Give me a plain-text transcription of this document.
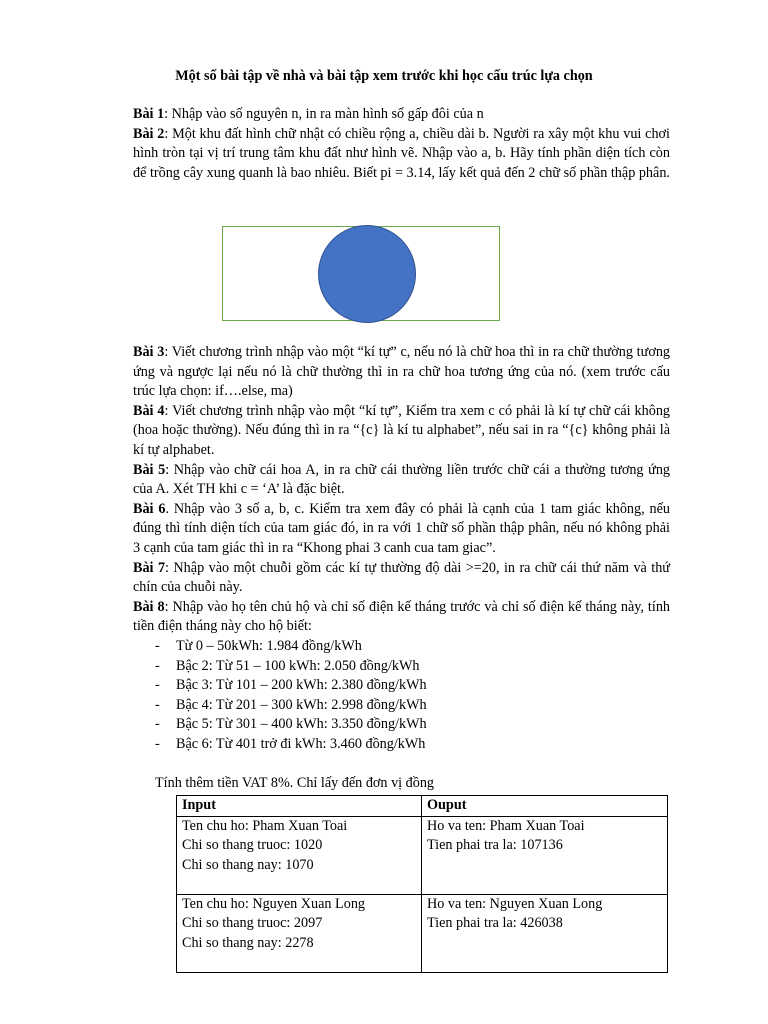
Một số bài tập về nhà và bài tập xem trước khi học cấu trúc lựa chọn

Bài 1: Nhập vào số nguyên n, in ra màn hình số gấp đôi của n

Bài 2: Một khu đất hình chữ nhật có chiều rộng a, chiều dài b. Người ra xây một khu vui chơi hình tròn tại vị trí trung tâm khu đất như hình vẽ. Nhập vào a, b. Hãy tính phần diện tích còn để trồng cây xung quanh là bao nhiêu. Biết pi = 3.14, lấy kết quả đến 2 chữ số phần thập phân.

Bài 3: Viết chương trình nhập vào một “kí tự” c, nếu nó là chữ hoa thì in ra chữ thường tương ứng và ngược lại nếu nó là chữ thường thì in ra chữ hoa tương ứng của nó. (xem trước cấu trúc lựa chọn: if….else, ma)

Bài 4: Viết chương trình nhập vào một “kí tự”, Kiểm tra xem c có phải là kí tự chữ cái không (hoa hoặc thường). Nếu đúng thì in ra “{c} là kí tu alphabet”, nếu sai in ra “{c} không phải là kí tự alphabet.

Bài 5: Nhập vào chữ cái hoa A, in ra chữ cái thường liền trước chữ cái a thường tương ứng của A. Xét TH khi c = ‘A’ là đặc biệt.

Bài 6. Nhập vào 3 số a, b, c. Kiểm tra xem đây có phải là cạnh của 1 tam giác không, nếu đúng thì tính diện tích của tam giác đó, in ra với 1 chữ số phần thập phân, nếu nó không phải 3 cạnh của tam giác thì in ra “Khong phai 3 canh cua tam giac”.

Bài 7: Nhập vào một chuỗi gồm các kí tự thường độ dài >=20, in ra chữ cái thứ năm và thứ chín của chuỗi này.

Bài 8: Nhập vào họ tên chủ hộ và chỉ số điện kế tháng trước và chỉ số điện kế tháng này, tính tiền điện tháng này cho hộ biết:

- Từ 0 – 50kWh: 1.984 đồng/kWh
- Bậc 2: Từ 51 – 100 kWh: 2.050 đồng/kWh
- Bậc 3: Từ 101 – 200 kWh: 2.380 đồng/kWh
- Bậc 4: Từ 201 – 300 kWh: 2.998 đồng/kWh
- Bậc 5: Từ 301 – 400 kWh: 3.350 đồng/kWh
- Bậc 6: Từ 401 trở đi kWh: 3.460 đồng/kWh
Tính thêm tiền VAT 8%. Chỉ lấy đến đơn vị đồng
Input	Ouput

Ten chu ho: Pham Xuan Toai
Chi so thang truoc: 1020
Chi so thang nay: 1070	Ho va ten: Pham Xuan Toai
Tien phai tra la: 107136

Ten chu ho: Nguyen Xuan Long
Chi so thang truoc: 2097
Chi so thang nay: 2278	Ho va ten: Nguyen Xuan Long
Tien phai tra la: 426038
